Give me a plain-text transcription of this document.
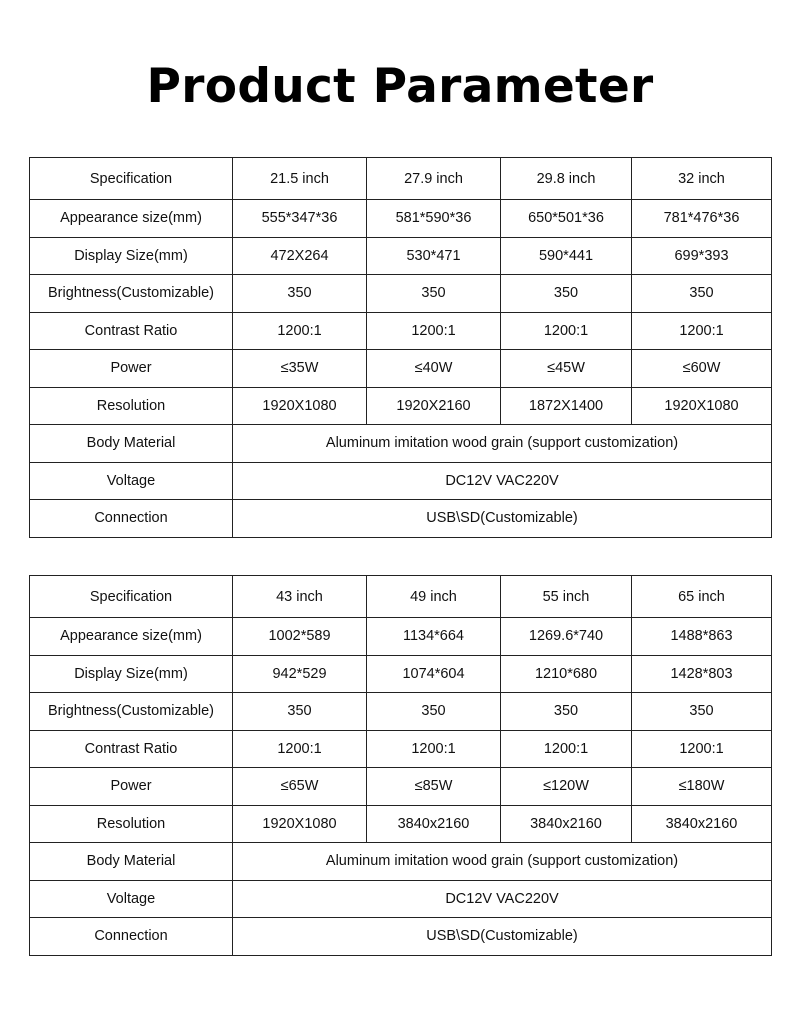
Product Parameter
Specification	21.5 inch	27.9 inch	29.8 inch	32 inch
Appearance size(mm)	555*347*36	581*590*36	650*501*36	781*476*36
Display Size(mm)	472X264	530*471	590*441	699*393
Brightness(Customizable)	350	350	350	350
Contrast Ratio	1200:1	1200:1	1200:1	1200:1
Power	≤35W	≤40W	≤45W	≤60W
Resolution	1920X1080	1920X2160	1872X1400	1920X1080
Body Material	Aluminum imitation wood grain (support customization)			
Voltage	DC12V VAC220V			
Connection	USB\SD(Customizable)			
Specification	43 inch	49 inch	55 inch	65 inch
Appearance size(mm)	1002*589	1134*664	1269.6*740	1488*863
Display Size(mm)	942*529	1074*604	1210*680	1428*803
Brightness(Customizable)	350	350	350	350
Contrast Ratio	1200:1	1200:1	1200:1	1200:1
Power	≤65W	≤85W	≤120W	≤180W
Resolution	1920X1080	3840x2160	3840x2160	3840x2160
Body Material	Aluminum imitation wood grain (support customization)			
Voltage	DC12V VAC220V			
Connection	USB\SD(Customizable)			
